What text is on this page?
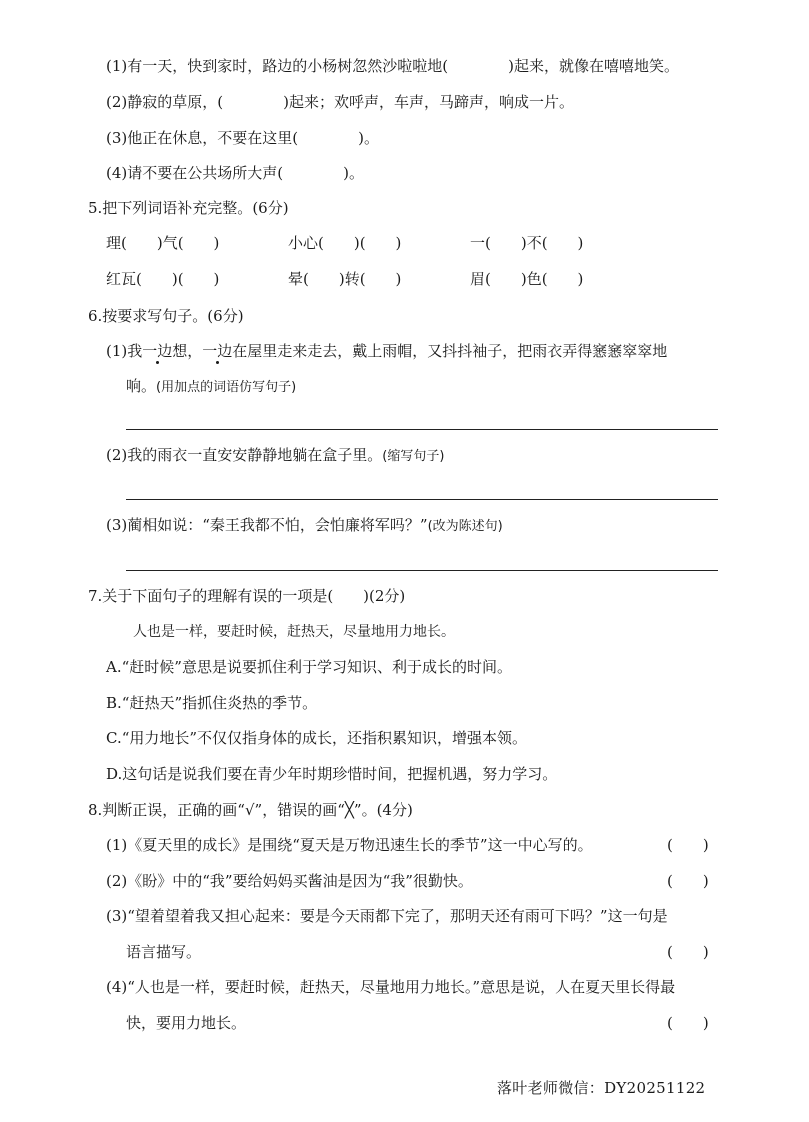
(1)有一天，快到家时，路边的小杨树忽然沙啦啦地(　　　　)起来，就像在嘻嘻地笑。
(2)静寂的草原，(　　　　)起来；欢呼声，车声，马蹄声，响成一片。
(3)他正在休息，不要在这里(　　　　)。
(4)请不要在公共场所大声(　　　　)。
5.把下列词语补充完整。(6分)
理(　　)气(　　)	小心(　　)(　　)	一(　　)不(　　)
红瓦(　　)(　　)	晕(　　)转(　　)	眉(　　)色(　　)
6.按要求写句子。(6分)
(1)我一边想，一边在屋里走来走去，戴上雨帽，又抖抖袖子，把雨衣弄得窸窸窣窣地
响。(用加点的词语仿写句子)
(2)我的雨衣一直安安静静地躺在盒子里。(缩写句子)
(3)蔺相如说：“秦王我都不怕，会怕廉将军吗？”(改为陈述句)
7.关于下面句子的理解有误的一项是(　　)(2分)
人也是一样，要赶时候，赶热天，尽量地用力地长。
A.“赶时候”意思是说要抓住利于学习知识、利于成长的时间。
B.“赶热天”指抓住炎热的季节。
C.“用力地长”不仅仅指身体的成长，还指积累知识，增强本领。
D.这句话是说我们要在青少年时期珍惜时间，把握机遇，努力学习。
8.判断正误，正确的画“√”，错误的画“╳”。(4分)
(1)《夏天里的成长》是围绕“夏天是万物迅速生长的季节”这一中心写的。	(　　)
(2)《盼》中的“我”要给妈妈买酱油是因为“我”很勤快。	(　　)
(3)“望着望着我又担心起来：要是今天雨都下完了，那明天还有雨可下吗？”这一句是
语言描写。	(　　)
(4)“人也是一样，要赶时候，赶热天，尽量地用力地长。”意思是说，人在夏天里长得最
快，要用力地长。	(　　)
落叶老师微信：DY20251122
